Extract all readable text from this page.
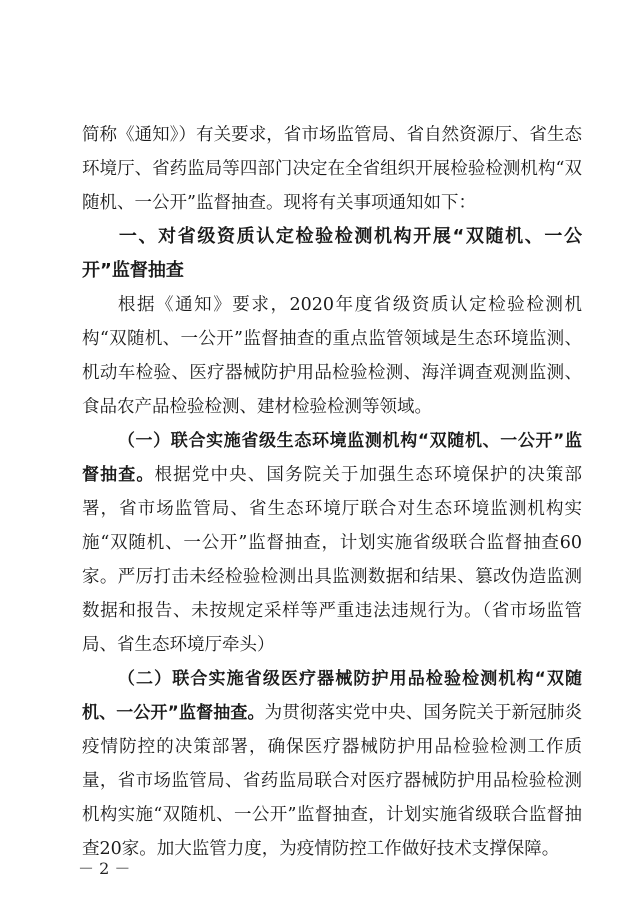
简称《通知》）有关要求，省市场监管局、省自然资源厅、省生态环境厅、省药监局等四部门决定在全省组织开展检验检测机构“双随机、一公开”监督抽查。现将有关事项通知如下：

一、对省级资质认定检验检测机构开展“双随机、一公开”监督抽查

根据《通知》要求，2020年度省级资质认定检验检测机构“双随机、一公开”监督抽查的重点监管领域是生态环境监测、机动车检验、医疗器械防护用品检验检测、海洋调查观测监测、食品农产品检验检测、建材检验检测等领域。

（一）联合实施省级生态环境监测机构“双随机、一公开”监督抽查。根据党中央、国务院关于加强生态环境保护的决策部署，省市场监管局、省生态环境厅联合对生态环境监测机构实施“双随机、一公开”监督抽查，计划实施省级联合监督抽查60家。严厉打击未经检验检测出具监测数据和结果、篡改伪造监测数据和报告、未按规定采样等严重违法违规行为。（省市场监管局、省生态环境厅牵头）

（二）联合实施省级医疗器械防护用品检验检测机构“双随机、一公开”监督抽查。为贯彻落实党中央、国务院关于新冠肺炎疫情防控的决策部署，确保医疗器械防护用品检验检测工作质量，省市场监管局、省药监局联合对医疗器械防护用品检验检测机构实施“双随机、一公开”监督抽查，计划实施省级联合监督抽查20家。加大监管力度，为疫情防控工作做好技术支撑保障。

－ 2 －
